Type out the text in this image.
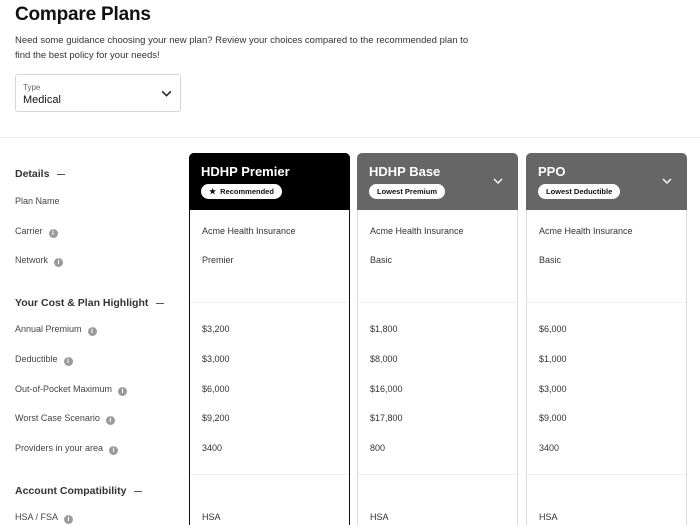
Compare Plans
Need some guidance choosing your new plan? Review your choices compared to the recommended plan to find the best policy for your needs!
Type
Medical
Details
Plan Name
Carrier i
Network i
Your Cost & Plan Highlight
Annual Premium i
Deductible i
Out-of-Pocket Maximum i
Worst Case Scenario i
Providers in your area i
Account Compatibility
HSA / FSA i
HDHP Premier
★ Recommended
Acme Health Insurance
Premier
$3,200
$3,000
$6,000
$9,200
3400
HSA
HDHP Base
Lowest Premium
Acme Health Insurance
Basic
$1,800
$8,000
$16,000
$17,800
800
HSA
PPO
Lowest Deductible
Acme Health Insurance
Basic
$6,000
$1,000
$3,000
$9,000
3400
HSA
